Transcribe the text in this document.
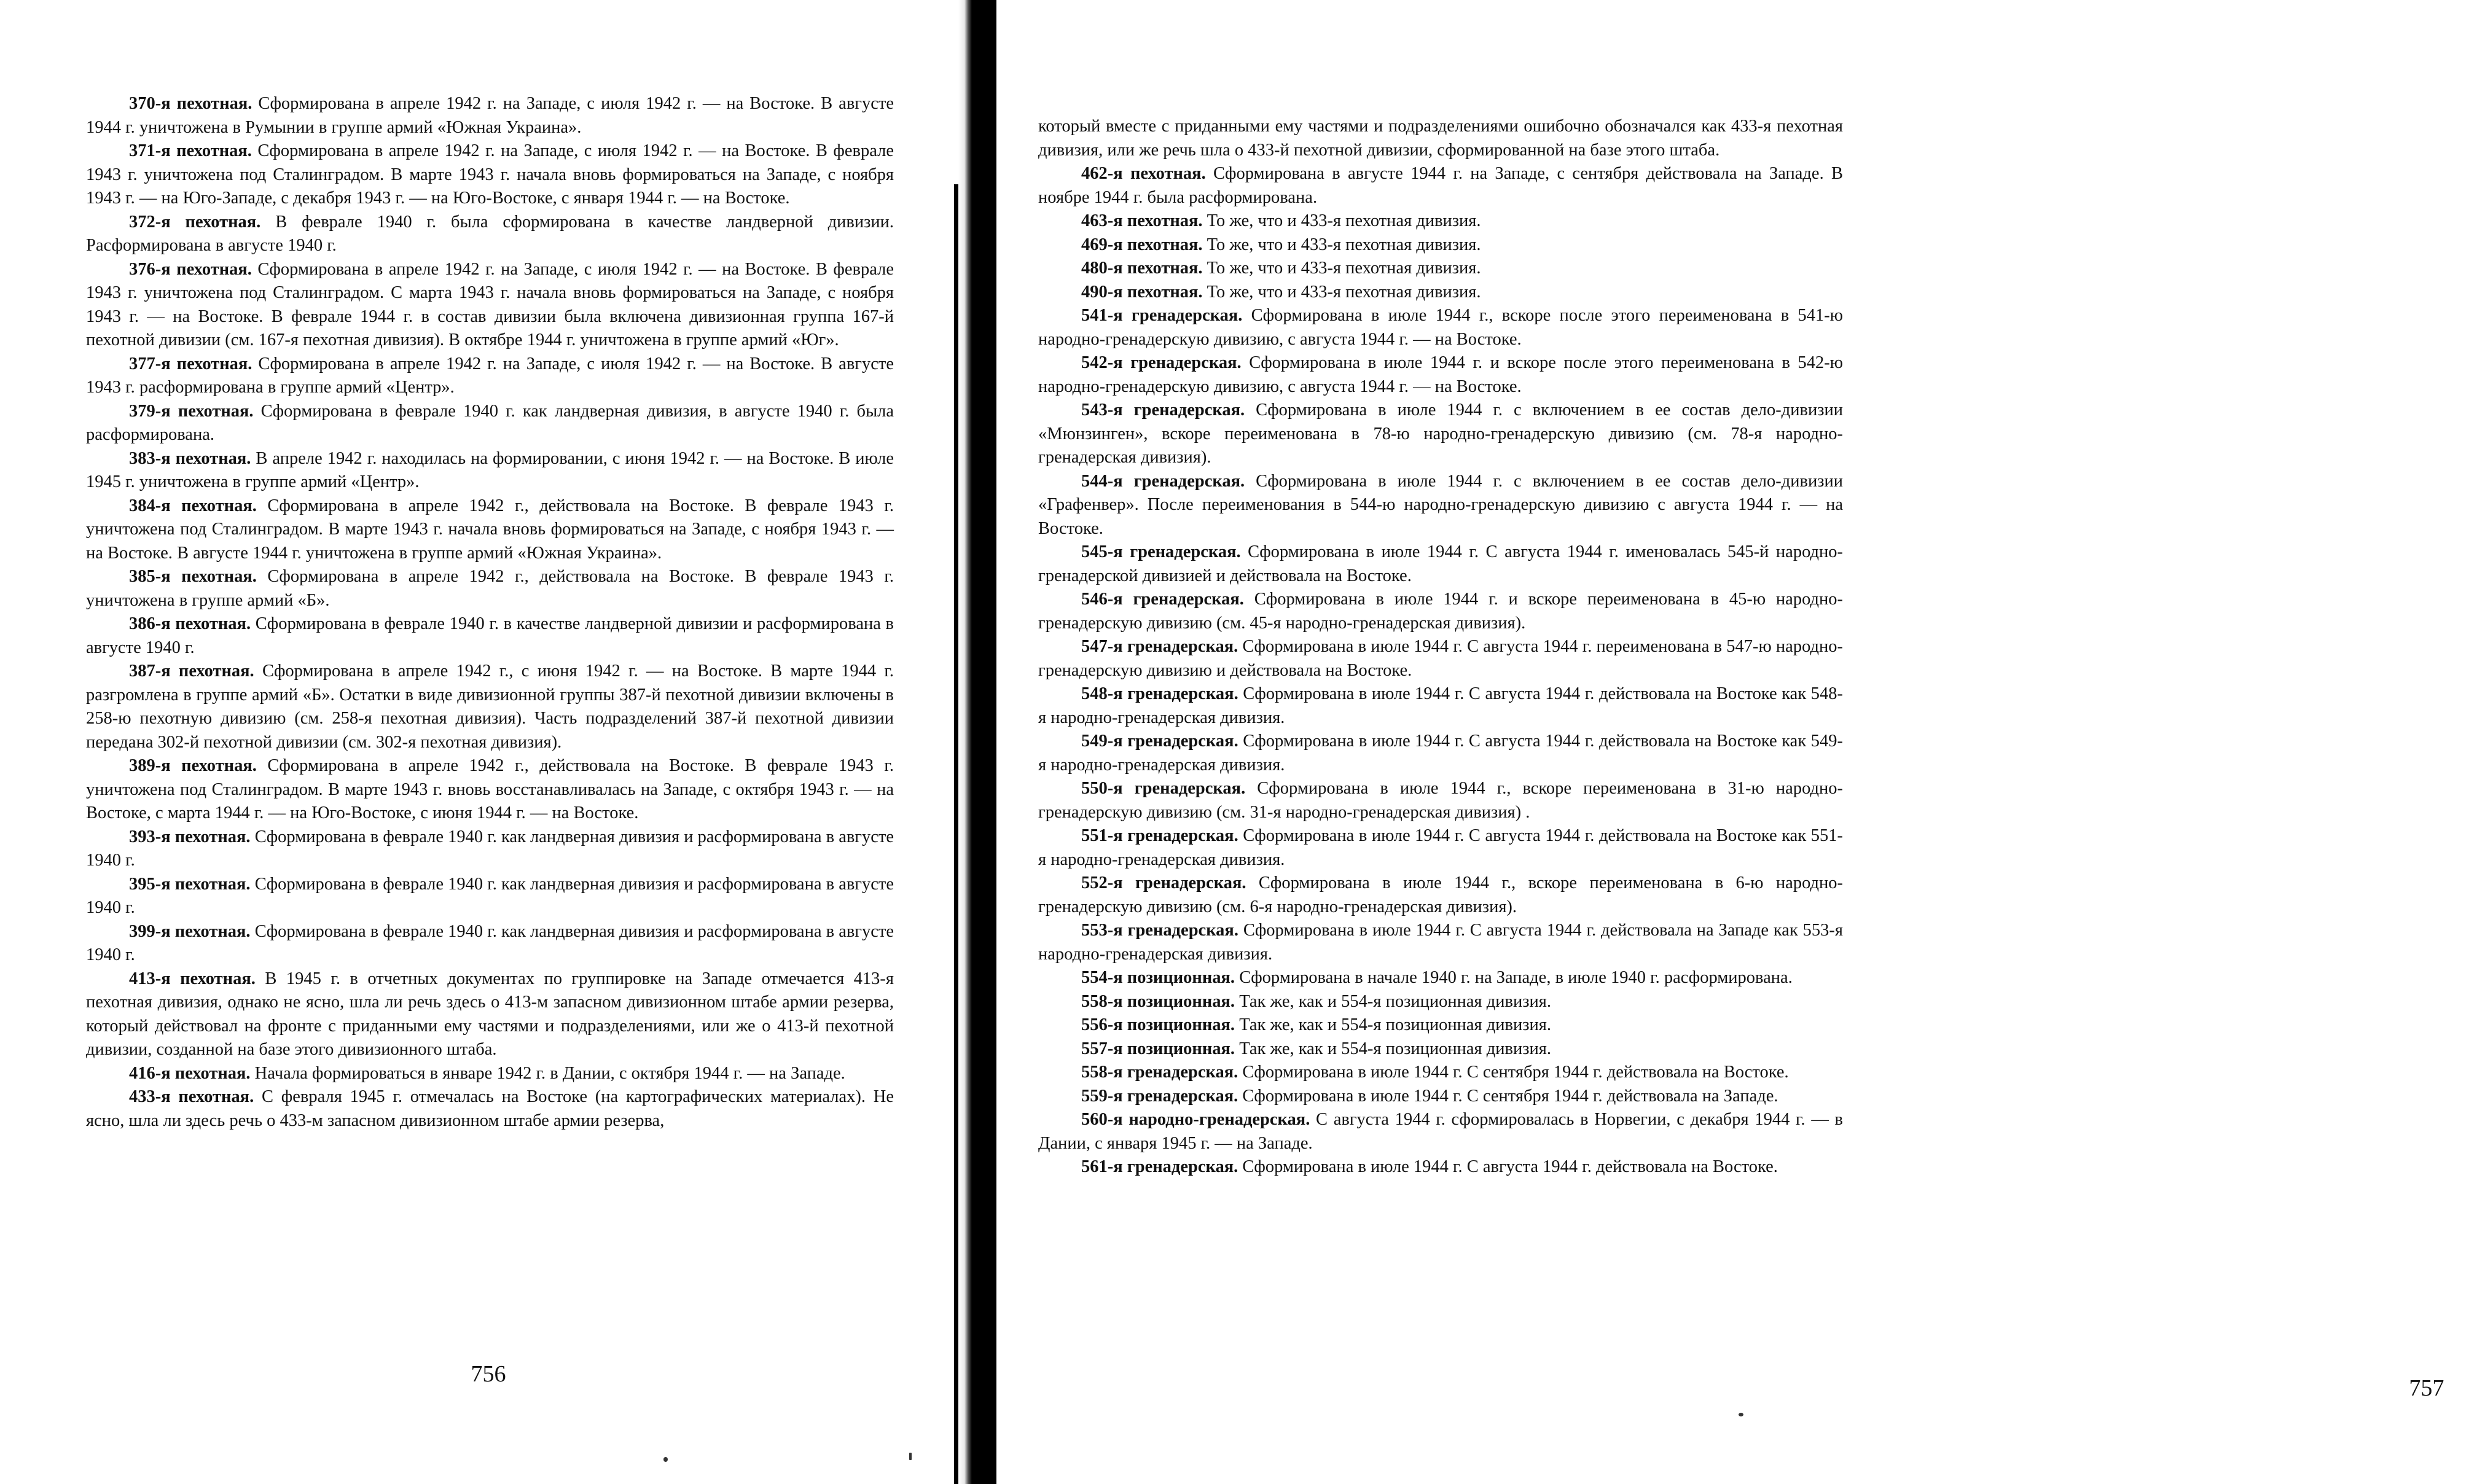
370-я пехотная. Сформирована в апреле 1942 г. на Западе, с июля 1942 г. — на Востоке. В августе 1944 г. уничтожена в Румынии в группе армий «Южная Украина».

371-я пехотная. Сформирована в апреле 1942 г. на Западе, с июля 1942 г. — на Востоке. В феврале 1943 г. уничтожена под Сталинградом. В марте 1943 г. начала вновь формироваться на Западе, с ноября 1943 г. — на Юго-Западе, с декабря 1943 г. — на Юго-Востоке, с января 1944 г. — на Востоке.

372-я пехотная. В феврале 1940 г. была сформирована в качестве ландверной дивизии. Расформирована в августе 1940 г.

376-я пехотная. Сформирована в апреле 1942 г. на Западе, с июля 1942 г. — на Востоке. В феврале 1943 г. уничтожена под Сталинградом. С марта 1943 г. начала вновь формироваться на Западе, с ноября 1943 г. — на Востоке. В феврале 1944 г. в состав дивизии была включена дивизионная группа 167-й пехотной дивизии (см. 167-я пехотная дивизия). В октябре 1944 г. уничтожена в группе армий «Юг».

377-я пехотная. Сформирована в апреле 1942 г. на Западе, с июля 1942 г. — на Востоке. В августе 1943 г. расформирована в группе армий «Центр».

379-я пехотная. Сформирована в феврале 1940 г. как ландверная дивизия, в августе 1940 г. была расформирована.

383-я пехотная. В апреле 1942 г. находилась на формировании, с июня 1942 г. — на Востоке. В июле 1945 г. уничтожена в группе армий «Центр».

384-я пехотная. Сформирована в апреле 1942 г., действовала на Востоке. В феврале 1943 г. уничтожена под Сталинградом. В марте 1943 г. начала вновь формироваться на Западе, с ноября 1943 г. — на Востоке. В августе 1944 г. уничтожена в группе армий «Южная Украина».

385-я пехотная. Сформирована в апреле 1942 г., действовала на Востоке. В феврале 1943 г. уничтожена в группе армий «Б».

386-я пехотная. Сформирована в феврале 1940 г. в качестве ландверной дивизии и расформирована в августе 1940 г.

387-я пехотная. Сформирована в апреле 1942 г., с июня 1942 г. — на Востоке. В марте 1944 г. разгромлена в группе армий «Б». Остатки в виде дивизионной группы 387-й пехотной дивизии включены в 258-ю пехотную дивизию (см. 258-я пехотная дивизия). Часть подразделений 387-й пехотной дивизии передана 302-й пехотной дивизии (см. 302-я пехотная дивизия).

389-я пехотная. Сформирована в апреле 1942 г., действовала на Востоке. В феврале 1943 г. уничтожена под Сталинградом. В марте 1943 г. вновь восстанавливалась на Западе, с октября 1943 г. — на Востоке, с марта 1944 г. — на Юго-Востоке, с июня 1944 г. — на Востоке.

393-я пехотная. Сформирована в феврале 1940 г. как ландверная дивизия и расформирована в августе 1940 г.

395-я пехотная. Сформирована в феврале 1940 г. как ландверная дивизия и расформирована в августе 1940 г.

399-я пехотная. Сформирована в феврале 1940 г. как ландверная дивизия и расформирована в августе 1940 г.

413-я пехотная. В 1945 г. в отчетных документах по группировке на Западе отмечается 413-я пехотная дивизия, однако не ясно, шла ли речь здесь о 413-м запасном дивизионном штабе армии резерва, который действовал на фронте с приданными ему частями и подразделениями, или же о 413-й пехотной дивизии, созданной на базе этого дивизионного штаба.

416-я пехотная. Начала формироваться в январе 1942 г. в Дании, с октября 1944 г. — на Западе.

433-я пехотная. С февраля 1945 г. отмечалась на Востоке (на картографических материалах). Не ясно, шла ли здесь речь о 433-м запасном дивизионном штабе армии резерва,

756
757

который вместе с приданными ему частями и подразделениями ошибочно обозначался как 433-я пехотная дивизия, или же речь шла о 433-й пехотной дивизии, сформированной на базе этого штаба.

462-я пехотная. Сформирована в августе 1944 г. на Западе, с сентября действовала на Западе. В ноябре 1944 г. была расформирована.

463-я пехотная. То же, что и 433-я пехотная дивизия.

469-я пехотная. То же, что и 433-я пехотная дивизия.

480-я пехотная. То же, что и 433-я пехотная дивизия.

490-я пехотная. То же, что и 433-я пехотная дивизия.

541-я гренадерская. Сформирована в июле 1944 г., вскоре после этого переименована в 541-ю народно-гренадерскую дивизию, с августа 1944 г. — на Востоке.

542-я гренадерская. Сформирована в июле 1944 г. и вскоре после этого переименована в 542-ю народно-гренадерскую дивизию, с августа 1944 г. — на Востоке.

543-я гренадерская. Сформирована в июле 1944 г. с включением в ее состав дело-дивизии «Мюнзинген», вскоре переименована в 78-ю народно-гренадерскую дивизию (см. 78-я народно-гренадерская дивизия).

544-я гренадерская. Сформирована в июле 1944 г. с включением в ее состав дело-дивизии «Графенвер». После переименования в 544-ю народно-гренадерскую дивизию с августа 1944 г. — на Востоке.

545-я гренадерская. Сформирована в июле 1944 г. С августа 1944 г. именовалась 545-й народно-гренадерской дивизией и действовала на Востоке.

546-я гренадерская. Сформирована в июле 1944 г. и вскоре переименована в 45-ю народно-гренадерскую дивизию (см. 45-я народно-гренадерская дивизия).

547-я гренадерская. Сформирована в июле 1944 г. С августа 1944 г. переименована в 547-ю народно-гренадерскую дивизию и действовала на Востоке.

548-я гренадерская. Сформирована в июле 1944 г. С августа 1944 г. действовала на Востоке как 548-я народно-гренадерская дивизия.

549-я гренадерская. Сформирована в июле 1944 г. С августа 1944 г. действовала на Востоке как 549-я народно-гренадерская дивизия.

550-я гренадерская. Сформирована в июле 1944 г., вскоре переименована в 31-ю народно-гренадерскую дивизию (см. 31-я народно-гренадерская дивизия) .

551-я гренадерская. Сформирована в июле 1944 г. С августа 1944 г. действовала на Востоке как 551-я народно-гренадерская дивизия.

552-я гренадерская. Сформирована в июле 1944 г., вскоре переименована в 6-ю народно-гренадерскую дивизию (см. 6-я народно-гренадерская дивизия).

553-я гренадерская. Сформирована в июле 1944 г. С августа 1944 г. действовала на Западе как 553-я народно-гренадерская дивизия.

554-я позиционная. Сформирована в начале 1940 г. на Западе, в июле 1940 г. расформирована.

558-я позиционная. Так же, как и 554-я позиционная дивизия.

556-я позиционная. Так же, как и 554-я позиционная дивизия.

557-я позиционная. Так же, как и 554-я позиционная дивизия.

558-я гренадерская. Сформирована в июле 1944 г. С сентября 1944 г. действовала на Востоке.

559-я гренадерская. Сформирована в июле 1944 г. С сентября 1944 г. действовала на Западе.

560-я народно-гренадерская. С августа 1944 г. сформировалась в Норвегии, с декабря 1944 г. — в Дании, с января 1945 г. — на Западе.

561-я гренадерская. Сформирована в июле 1944 г. С августа 1944 г. действовала на Востоке.
